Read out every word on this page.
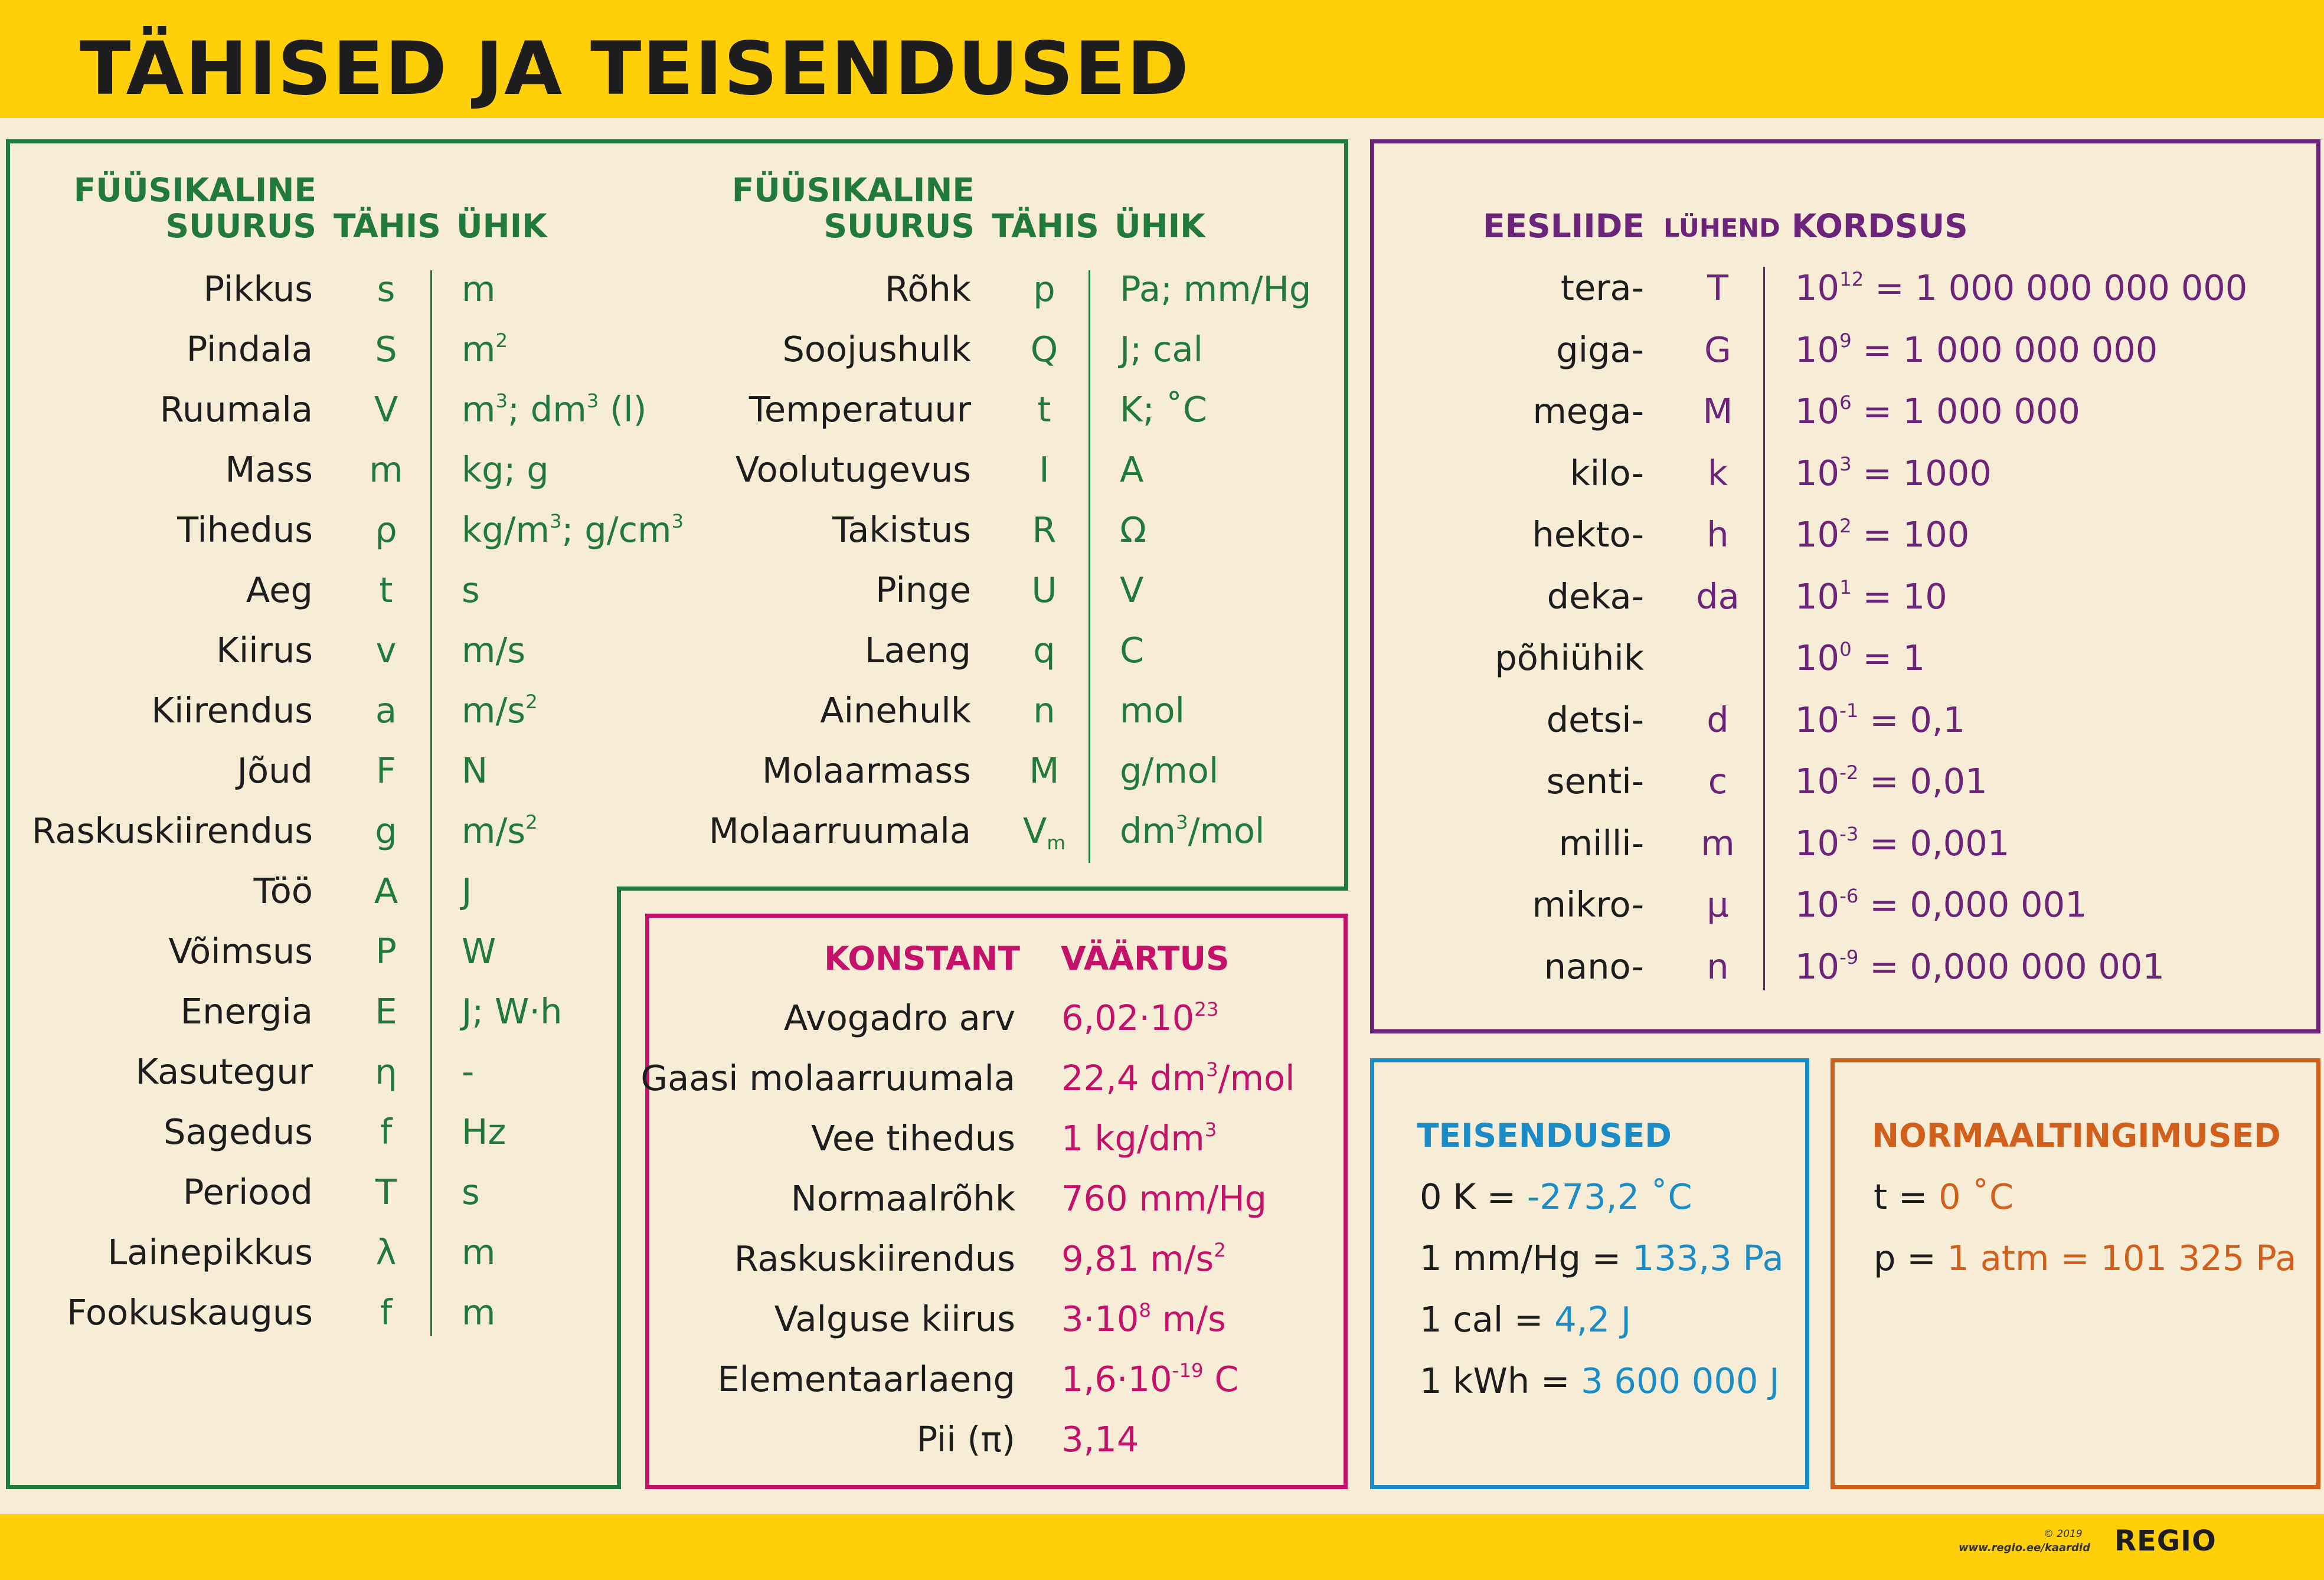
TÄHISED JA TEISENDUSED
FÜÜSIKALINE
SUURUS TÄHIS ÜHIK
FÜÜSIKALINE
SUURUS TÄHIS ÜHIK
Pikkus	s	m
Pindala	S	$m^2$
Ruumala	V	$m^3$; $dm^3$ (l)
Mass	m	kg; g
Tihedus	ρ	$kg/m^3$; $g/cm^3$
Aeg	t	s
Kiirus	v	m/s
Kiirendus	a	$m/s^2$
Jõud	F	N
Raskuskiirendus	g	$m/s^2$
Töö	A	J
Võimsus	P	W
Energia	E	J; W·h
Kasutegur	η	-
Sagedus	f	Hz
Periood	T	s
Lainepikkus	λ	m
Fookuskaugus	f	m
Rõhk	p	Pa; mm/Hg
Soojushulk	Q	J; cal
Temperatuur	t	K; ˚C
Voolutugevus	I	A
Takistus	R	Ω
Pinge	U	V
Laeng	q	C
Ainehulk	n	mol
Molaarmass	M	g/mol
Molaarruumala $V_m$ $dm^3$/mol
KONSTANT VÄÄRTUS
Avogadro arv $6,02\cdot 10^{23}$
Gaasi molaarruumala 22,4 $dm^3$/mol
Vee tihedus 1 $kg/dm^3$
Normaalrõhk 760 mm/Hg
Raskuskiirendus 9,81 $m/s^2$
Valguse kiirus $3\cdot 10^8$ m/s
Elementaarlaeng $1,6\cdot 10^{-19}$ C
Pii (π) 3,14
EESLIIDE LÜHEND KORDSUS
tera-	T	$10^{12} = 1$ 000 000 000 000
giga-	G	$10^9 = 1$ 000 000 000
mega-	M	$10^6 = 1$ 000 000
kilo-	k	$10^3 = 1000$
hekto-	h	$10^2 = 100$
deka- da $10^1 = 10$
põhiühik	$10^0 = 1$
detsi-	d	$10^{-1} = 0,1$
senti-	c	$10^{-2} = 0,01$
milli-	m	$10^{-3} = 0,001$
mikro-	μ	$10^{-6} = 0,000$ 001
nano-	n	$10^{-9} = 0,000$ 000 001
TEISENDUSED
0 K = -273,2 ˚C
1 mm/Hg = 133,3 Pa
1 cal = 4,2 J
1 kWh = 3 600 000 J
NORMAALTINGIMUSED
t = 0 ˚C
p = 1 atm = 101 325 Pa
© 2019
www.regio.ee/kaardid REGIO
